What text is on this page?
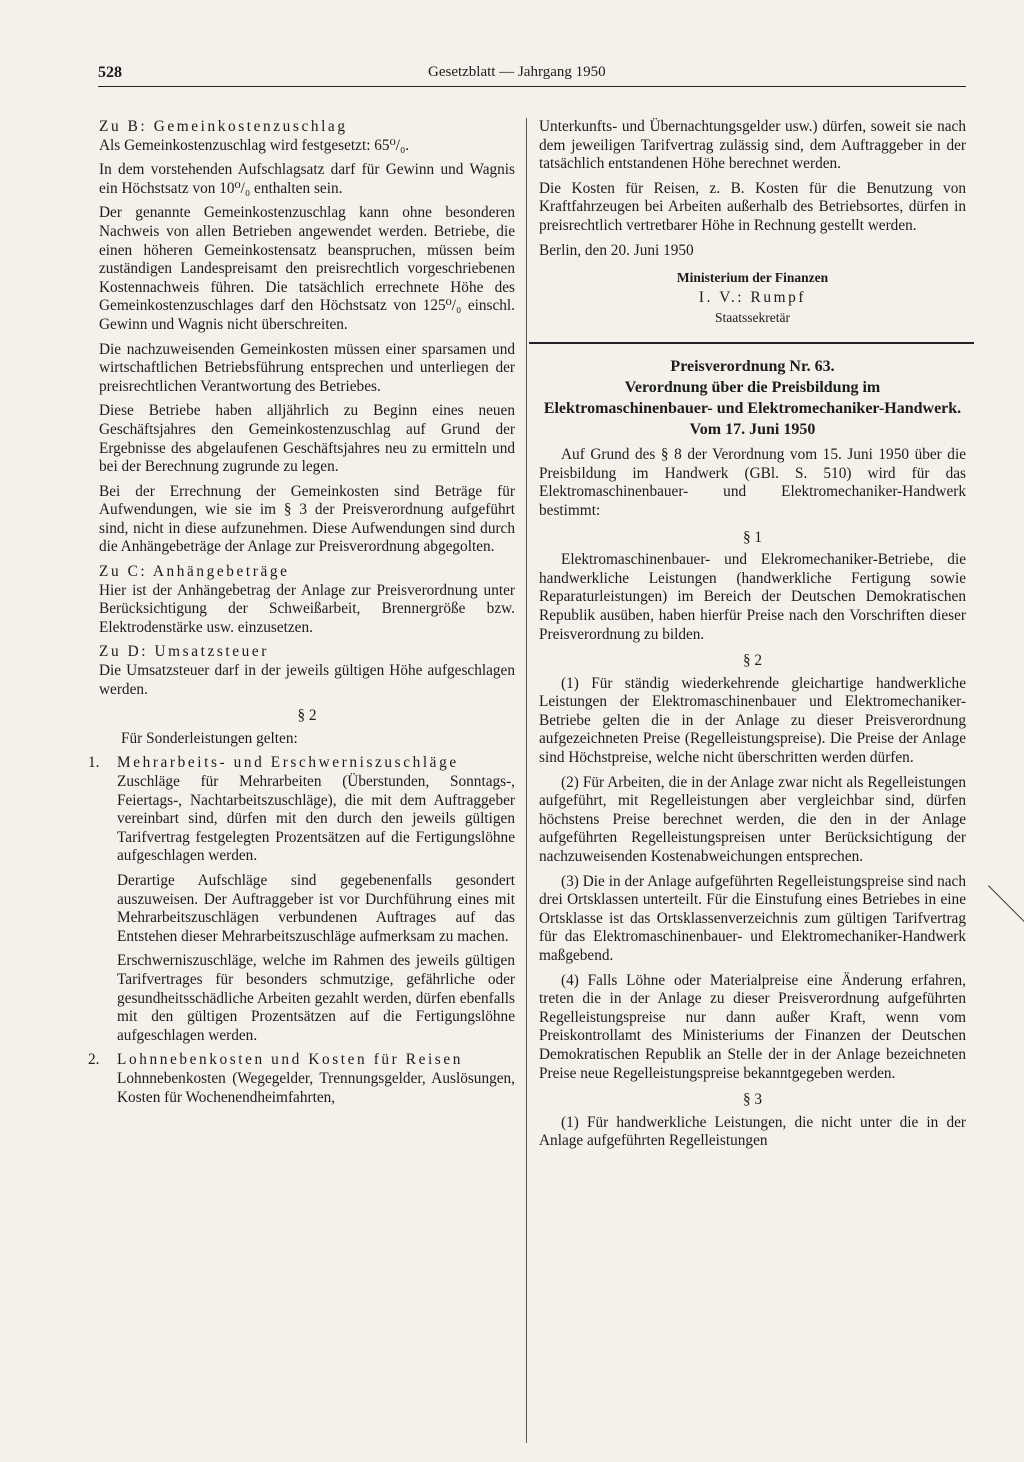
528	Gesetzblatt — Jahrgang 1950

Zu B: Gemeinkostenzuschlag

Als Gemeinkostenzuschlag wird festgesetzt: 65⁰/₀.

In dem vorstehenden Aufschlagsatz darf für Gewinn und Wagnis ein Höchstsatz von 10⁰/₀ enthalten sein.

Der genannte Gemeinkostenzuschlag kann ohne besonderen Nachweis von allen Betrieben angewendet werden. Betriebe, die einen höheren Gemeinkostensatz beanspruchen, müssen beim zuständigen Landespreisamt den preisrechtlich vorgeschriebenen Kostennachweis führen. Die tatsächlich errechnete Höhe des Gemeinkostenzuschlages darf den Höchstsatz von 125⁰/₀ einschl. Gewinn und Wagnis nicht überschreiten.

Die nachzuweisenden Gemeinkosten müssen einer sparsamen und wirtschaftlichen Betriebsführung entsprechen und unterliegen der preisrechtlichen Verantwortung des Betriebes.

Diese Betriebe haben alljährlich zu Beginn eines neuen Geschäftsjahres den Gemeinkostenzuschlag auf Grund der Ergebnisse des abgelaufenen Geschäftsjahres neu zu ermitteln und bei der Berechnung zugrunde zu legen.

Bei der Errechnung der Gemeinkosten sind Beträge für Aufwendungen, wie sie im § 3 der Preisverordnung aufgeführt sind, nicht in diese aufzunehmen. Diese Aufwendungen sind durch die Anhängebeträge der Anlage zur Preisverordnung abgegolten.

Zu C: Anhängebeträge

Hier ist der Anhängebetrag der Anlage zur Preisverordnung unter Berücksichtigung der Schweißarbeit, Brennergröße bzw. Elektrodenstärke usw. einzusetzen.

Zu D: Umsatzsteuer

Die Umsatzsteuer darf in der jeweils gültigen Höhe aufgeschlagen werden.

§ 2

Für Sonderleistungen gelten:

1. Mehrarbeits- und Erschwerniszuschläge

Zuschläge für Mehrarbeiten (Überstunden, Sonntags-, Feiertags-, Nachtarbeitszuschläge), die mit dem Auftraggeber vereinbart sind, dürfen mit den durch den jeweils gültigen Tarifvertrag festgelegten Prozentsätzen auf die Fertigungslöhne aufgeschlagen werden.

Derartige Aufschläge sind gegebenenfalls gesondert auszuweisen. Der Auftraggeber ist vor Durchführung eines mit Mehrarbeitszuschlägen verbundenen Auftrages auf das Entstehen dieser Mehrarbeitszuschläge aufmerksam zu machen.

Erschwerniszuschläge, welche im Rahmen des jeweils gültigen Tarifvertrages für besonders schmutzige, gefährliche oder gesundheitsschädliche Arbeiten gezahlt werden, dürfen ebenfalls mit den gültigen Prozentsätzen auf die Fertigungslöhne aufgeschlagen werden.

2. Lohnnebenkosten und Kosten für Reisen

Lohnnebenkosten (Wegegelder, Trennungsgelder, Auslösungen, Kosten für Wochenendheimfahrten,

Unterkunfts- und Übernachtungsgelder usw.) dürfen, soweit sie nach dem jeweiligen Tarifvertrag zulässig sind, dem Auftraggeber in der tatsächlich entstandenen Höhe berechnet werden.

Die Kosten für Reisen, z. B. Kosten für die Benutzung von Kraftfahrzeugen bei Arbeiten außerhalb des Betriebsortes, dürfen in preisrechtlich vertretbarer Höhe in Rechnung gestellt werden.

Berlin, den 20. Juni 1950

Ministerium der Finanzen
I. V.: Rumpf
Staatssekretär
Preisverordnung Nr. 63.
Verordnung über die Preisbildung im Elektromaschinenbauer- und Elektromechaniker-Handwerk.
Vom 17. Juni 1950

Auf Grund des § 8 der Verordnung vom 15. Juni 1950 über die Preisbildung im Handwerk (GBl. S. 510) wird für das Elektromaschinenbauer- und Elektromechaniker-Handwerk bestimmt:

§ 1

Elektromaschinenbauer- und Elekromechaniker-Betriebe, die handwerkliche Leistungen (handwerkliche Fertigung sowie Reparaturleistungen) im Bereich der Deutschen Demokratischen Republik ausüben, haben hierfür Preise nach den Vorschriften dieser Preisverordnung zu bilden.

§ 2

(1) Für ständig wiederkehrende gleichartige handwerkliche Leistungen der Elektromaschinenbauer und Elektromechaniker-Betriebe gelten die in der Anlage zu dieser Preisverordnung aufgezeichneten Preise (Regelleistungspreise). Die Preise der Anlage sind Höchstpreise, welche nicht überschritten werden dürfen.

(2) Für Arbeiten, die in der Anlage zwar nicht als Regelleistungen aufgeführt, mit Regelleistungen aber vergleichbar sind, dürfen höchstens Preise berechnet werden, die den in der Anlage aufgeführten Regelleistungspreisen unter Berücksichtigung der nachzuweisenden Kostenabweichungen entsprechen.

(3) Die in der Anlage aufgeführten Regelleistungspreise sind nach drei Ortsklassen unterteilt. Für die Einstufung eines Betriebes in eine Ortsklasse ist das Ortsklassenverzeichnis zum gültigen Tarifvertrag für das Elektromaschinenbauer- und Elektromechaniker-Handwerk maßgebend.

(4) Falls Löhne oder Materialpreise eine Änderung erfahren, treten die in der Anlage zu dieser Preisverordnung aufgeführten Regelleistungspreise nur dann außer Kraft, wenn vom Preiskontrollamt des Ministeriums der Finanzen der Deutschen Demokratischen Republik an Stelle der in der Anlage bezeichneten Preise neue Regelleistungspreise bekanntgegeben werden.

§ 3

(1) Für handwerkliche Leistungen, die nicht unter die in der Anlage aufgeführten Regelleistungen
